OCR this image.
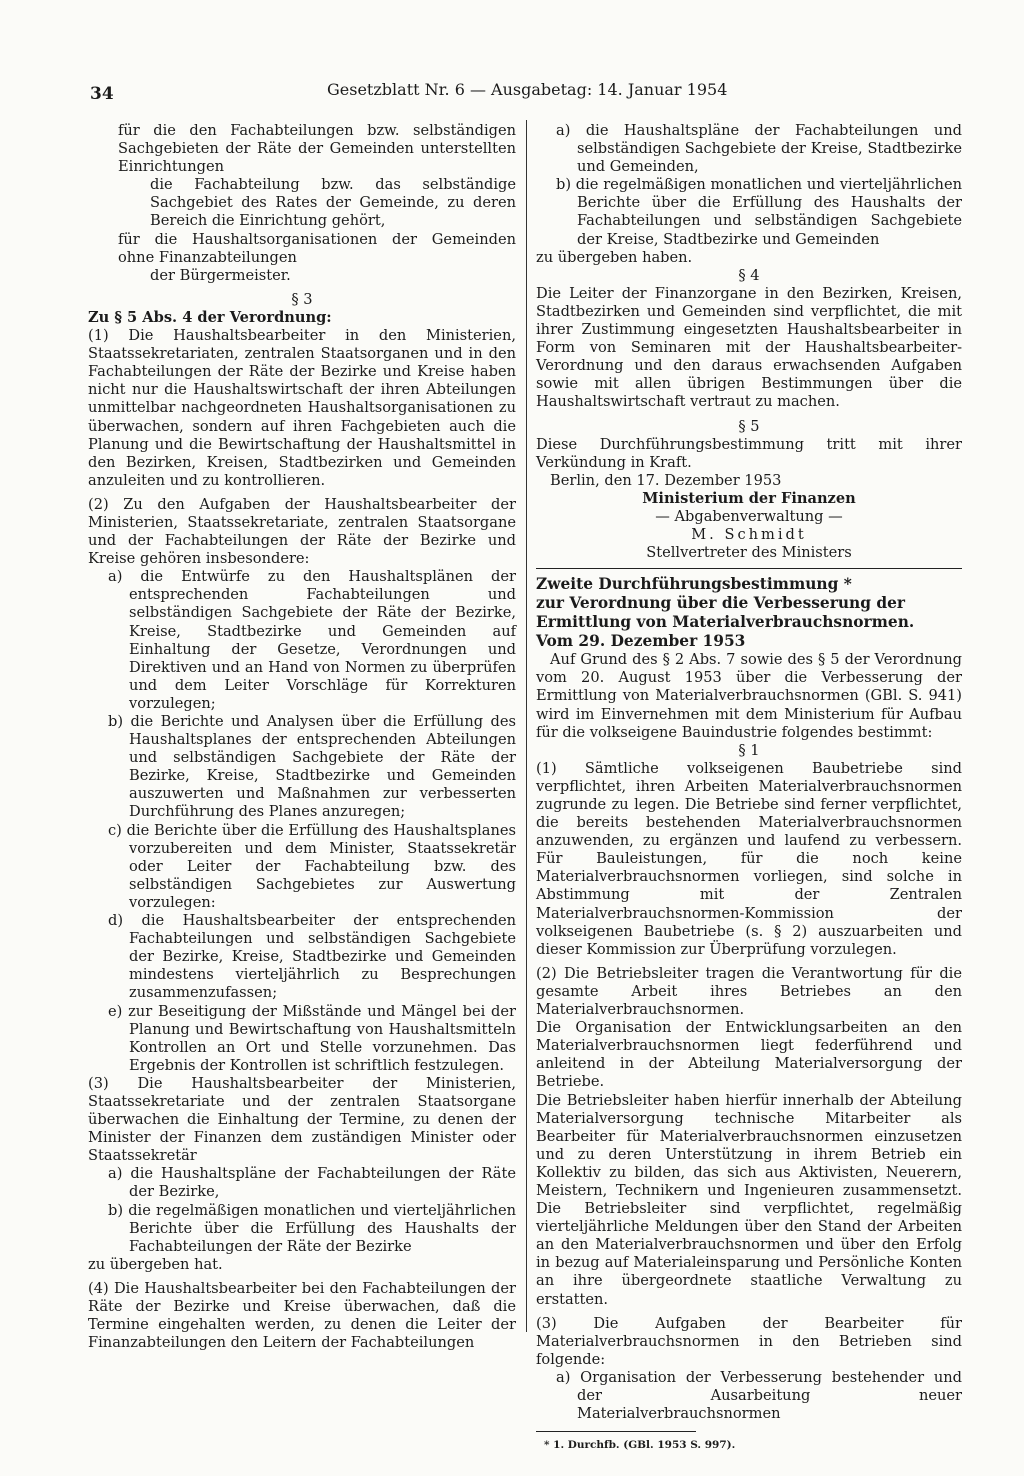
34	Gesetzblatt Nr. 6 — Ausgabetag: 14. Januar 1954

für die den Fachabteilungen bzw. selbständigen Sachgebieten der Räte der Gemeinden unterstellten Einrichtungen

die Fachabteilung bzw. das selbständige Sachgebiet des Rates der Gemeinde, zu deren Bereich die Einrichtung gehört,

für die Haushaltsorganisationen der Gemeinden ohne Finanzabteilungen

der Bürgermeister.

§ 3

Zu § 5 Abs. 4 der Verordnung:

(1) Die Haushaltsbearbeiter in den Ministerien, Staatssekretariaten, zentralen Staatsorganen und in den Fachabteilungen der Räte der Bezirke und Kreise haben nicht nur die Haushaltswirtschaft der ihren Abteilungen unmittelbar nachgeordneten Haushaltsorganisationen zu überwachen, sondern auf ihren Fachgebieten auch die Planung und die Bewirtschaftung der Haushaltsmittel in den Bezirken, Kreisen, Stadtbezirken und Gemeinden anzuleiten und zu kontrollieren.

(2) Zu den Aufgaben der Haushaltsbearbeiter der Ministerien, Staatssekretariate, zentralen Staatsorgane und der Fachabteilungen der Räte der Bezirke und Kreise gehören insbesondere:

a) die Entwürfe zu den Haushaltsplänen der entsprechenden Fachabteilungen und selbständigen Sachgebiete der Räte der Bezirke, Kreise, Stadtbezirke und Gemeinden auf Einhaltung der Gesetze, Verordnungen und Direktiven und an Hand von Normen zu überprüfen und dem Leiter Vorschläge für Korrekturen vorzulegen;

b) die Berichte und Analysen über die Erfüllung des Haushaltsplanes der entsprechenden Abteilungen und selbständigen Sachgebiete der Räte der Bezirke, Kreise, Stadtbezirke und Gemeinden auszuwerten und Maßnahmen zur verbesserten Durchführung des Planes anzuregen;

c) die Berichte über die Erfüllung des Haushaltsplanes vorzubereiten und dem Minister, Staatssekretär oder Leiter der Fachabteilung bzw. des selbständigen Sachgebietes zur Auswertung vorzulegen:

d) die Haushaltsbearbeiter der entsprechenden Fachabteilungen und selbständigen Sachgebiete der Bezirke, Kreise, Stadtbezirke und Gemeinden mindestens vierteljährlich zu Besprechungen zusammenzufassen;

e) zur Beseitigung der Mißstände und Mängel bei der Planung und Bewirtschaftung von Haushaltsmitteln Kontrollen an Ort und Stelle vorzunehmen. Das Ergebnis der Kontrollen ist schriftlich festzulegen.

(3) Die Haushaltsbearbeiter der Ministerien, Staatssekretariate und der zentralen Staatsorgane überwachen die Einhaltung der Termine, zu denen der Minister der Finanzen dem zuständigen Minister oder Staatssekretär

a) die Haushaltspläne der Fachabteilungen der Räte der Bezirke,

b) die regelmäßigen monatlichen und vierteljährlichen Berichte über die Erfüllung des Haushalts der Fachabteilungen der Räte der Bezirke

zu übergeben hat.

(4) Die Haushaltsbearbeiter bei den Fachabteilungen der Räte der Bezirke und Kreise überwachen, daß die Termine eingehalten werden, zu denen die Leiter der Finanzabteilungen den Leitern der Fachabteilungen

a) die Haushaltspläne der Fachabteilungen und selbständigen Sachgebiete der Kreise, Stadtbezirke und Gemeinden,

b) die regelmäßigen monatlichen und vierteljährlichen Berichte über die Erfüllung des Haushalts der Fachabteilungen und selbständigen Sachgebiete der Kreise, Stadtbezirke und Gemeinden

zu übergeben haben.

§ 4

Die Leiter der Finanzorgane in den Bezirken, Kreisen, Stadtbezirken und Gemeinden sind verpflichtet, die mit ihrer Zustimmung eingesetzten Haushaltsbearbeiter in Form von Seminaren mit der Haushaltsbearbeiter-Verordnung und den daraus erwachsenden Aufgaben sowie mit allen übrigen Bestimmungen über die Haushaltswirtschaft vertraut zu machen.

§ 5

Diese Durchführungsbestimmung tritt mit ihrer Verkündung in Kraft.

Berlin, den 17. Dezember 1953

Ministerium der Finanzen

— Abgabenverwaltung —

M. Schmidt

Stellvertreter des Ministers

Zweite Durchführungsbestimmung *

zur Verordnung über die Verbesserung der

Ermittlung von Materialverbrauchsnormen.

Vom 29. Dezember 1953

Auf Grund des § 2 Abs. 7 sowie des § 5 der Verordnung vom 20. August 1953 über die Verbesserung der Ermittlung von Materialverbrauchsnormen (GBl. S. 941) wird im Einvernehmen mit dem Ministerium für Aufbau für die volkseigene Bauindustrie folgendes bestimmt:

§ 1

(1) Sämtliche volkseigenen Baubetriebe sind verpflichtet, ihren Arbeiten Materialverbrauchsnormen zugrunde zu legen. Die Betriebe sind ferner verpflichtet, die bereits bestehenden Materialverbrauchsnormen anzuwenden, zu ergänzen und laufend zu verbessern. Für Bauleistungen, für die noch keine Materialverbrauchsnormen vorliegen, sind solche in Abstimmung mit der Zentralen Materialverbrauchsnormen-Kommission der volkseigenen Baubetriebe (s. § 2) auszuarbeiten und dieser Kommission zur Überprüfung vorzulegen.

(2) Die Betriebsleiter tragen die Verantwortung für die gesamte Arbeit ihres Betriebes an den Materialverbrauchsnormen.

Die Organisation der Entwicklungsarbeiten an den Materialverbrauchsnormen liegt federführend und anleitend in der Abteilung Materialversorgung der Betriebe.

Die Betriebsleiter haben hierfür innerhalb der Abteilung Materialversorgung technische Mitarbeiter als Bearbeiter für Materialverbrauchsnormen einzusetzen und zu deren Unterstützung in ihrem Betrieb ein Kollektiv zu bilden, das sich aus Aktivisten, Neuerern, Meistern, Technikern und Ingenieuren zusammensetzt. Die Betriebsleiter sind verpflichtet, regelmäßig vierteljährliche Meldungen über den Stand der Arbeiten an den Materialverbrauchsnormen und über den Erfolg in bezug auf Materialeinsparung und Persönliche Konten an ihre übergeordnete staatliche Verwaltung zu erstatten.

(3) Die Aufgaben der Bearbeiter für Materialverbrauchsnormen in den Betrieben sind folgende:

a) Organisation der Verbesserung bestehender und der Ausarbeitung neuer Materialverbrauchsnormen

* 1. Durchfb. (GBl. 1953 S. 997).
